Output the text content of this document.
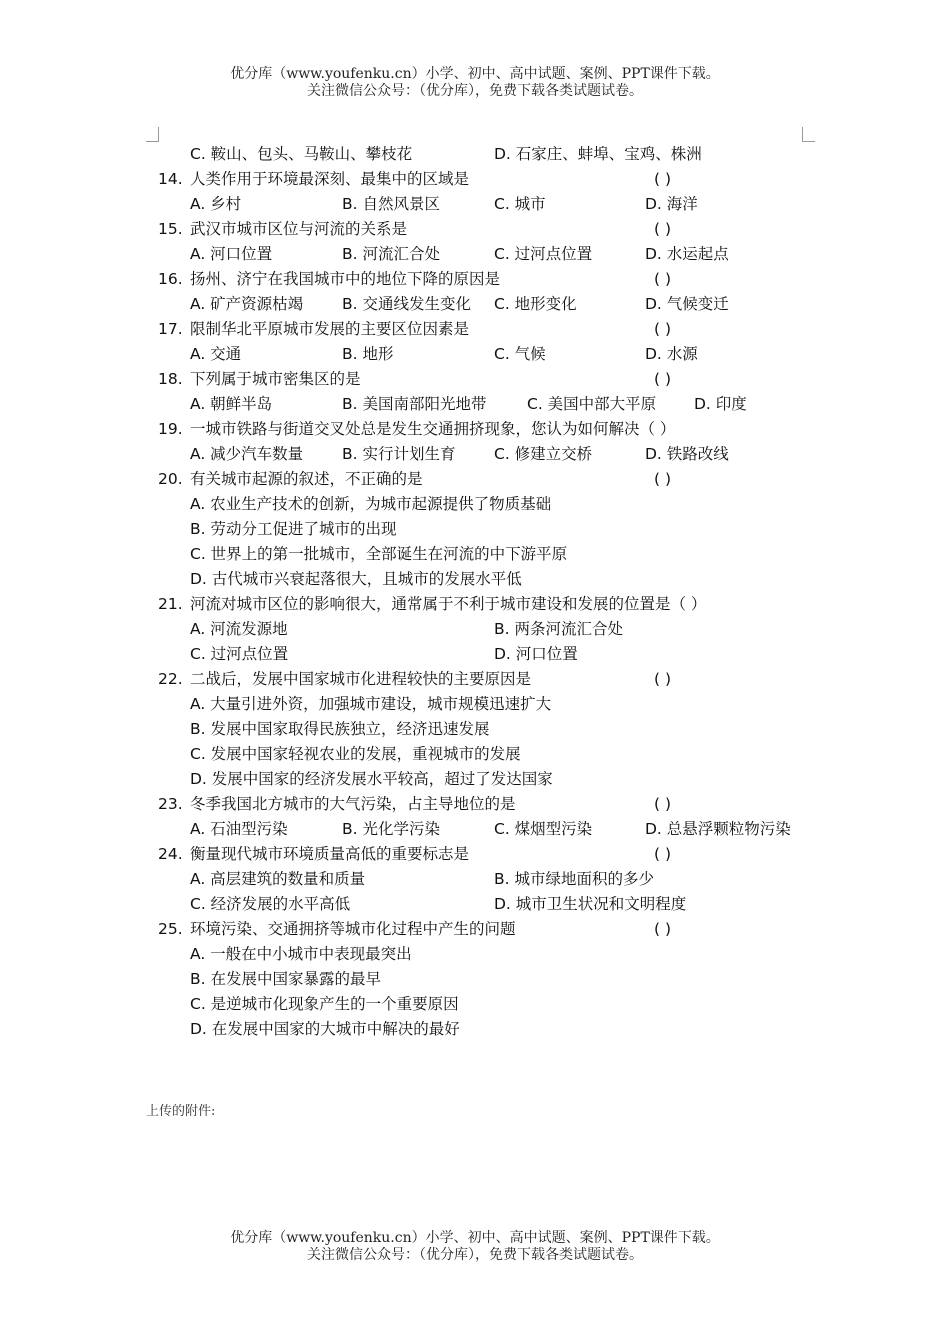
优分库（www.youfenku.cn）小学、初中、高中试题、案例、PPT课件下载。
关注微信公众号：（优分库），免费下载各类试题试卷。
C. 鞍山、包头、马鞍山、攀枝花	D. 石家庄、蚌埠、宝鸡、株洲
14. 人类作用于环境最深刻、最集中的区域是	( )
A. 乡村	B. 自然风景区	C. 城市	D. 海洋
15. 武汉市城市区位与河流的关系是	( )
A. 河口位置	B. 河流汇合处	C. 过河点位置	D. 水运起点
16. 扬州、济宁在我国城市中的地位下降的原因是	( )
A. 矿产资源枯竭	B. 交通线发生变化 C. 地形变化	D. 气候变迁
17. 限制华北平原城市发展的主要区位因素是	( )
A. 交通	B. 地形	C. 气候	D. 水源
18. 下列属于城市密集区的是	( )
A. 朝鲜半岛	B. 美国南部阳光地带	C. 美国中部大平原 D. 印度
19. 一城市铁路与街道交叉处总是发生交通拥挤现象，您认为如何解决（ ）
A. 减少汽车数量	B. 实行计划生育 C. 修建立交桥	D. 铁路改线
20. 有关城市起源的叙述，不正确的是	( )
A. 农业生产技术的创新，为城市起源提供了物质基础
B. 劳动分工促进了城市的出现
C. 世界上的第一批城市，全部诞生在河流的中下游平原
D. 古代城市兴衰起落很大，且城市的发展水平低
21. 河流对城市区位的影响很大，通常属于不利于城市建设和发展的位置是（ ）
A. 河流发源地	B. 两条河流汇合处
C. 过河点位置	D. 河口位置
22. 二战后，发展中国家城市化进程较快的主要原因是	( )
A. 大量引进外资，加强城市建设，城市规模迅速扩大
B. 发展中国家取得民族独立，经济迅速发展
C. 发展中国家轻视农业的发展，重视城市的发展
D. 发展中国家的经济发展水平较高，超过了发达国家
23. 冬季我国北方城市的大气污染，占主导地位的是	( )
A. 石油型污染	B. 光化学污染	C. 煤烟型污染	D. 总悬浮颗粒物污染
24. 衡量现代城市环境质量高低的重要标志是	( )
A. 高层建筑的数量和质量	B. 城市绿地面积的多少
C. 经济发展的水平高低	D. 城市卫生状况和文明程度
25. 环境污染、交通拥挤等城市化过程中产生的问题	( )
A. 一般在中小城市中表现最突出
B. 在发展中国家暴露的最早
C. 是逆城市化现象产生的一个重要原因
D. 在发展中国家的大城市中解决的最好
上传的附件:
优分库（www.youfenku.cn）小学、初中、高中试题、案例、PPT课件下载。
关注微信公众号：（优分库），免费下载各类试题试卷。
